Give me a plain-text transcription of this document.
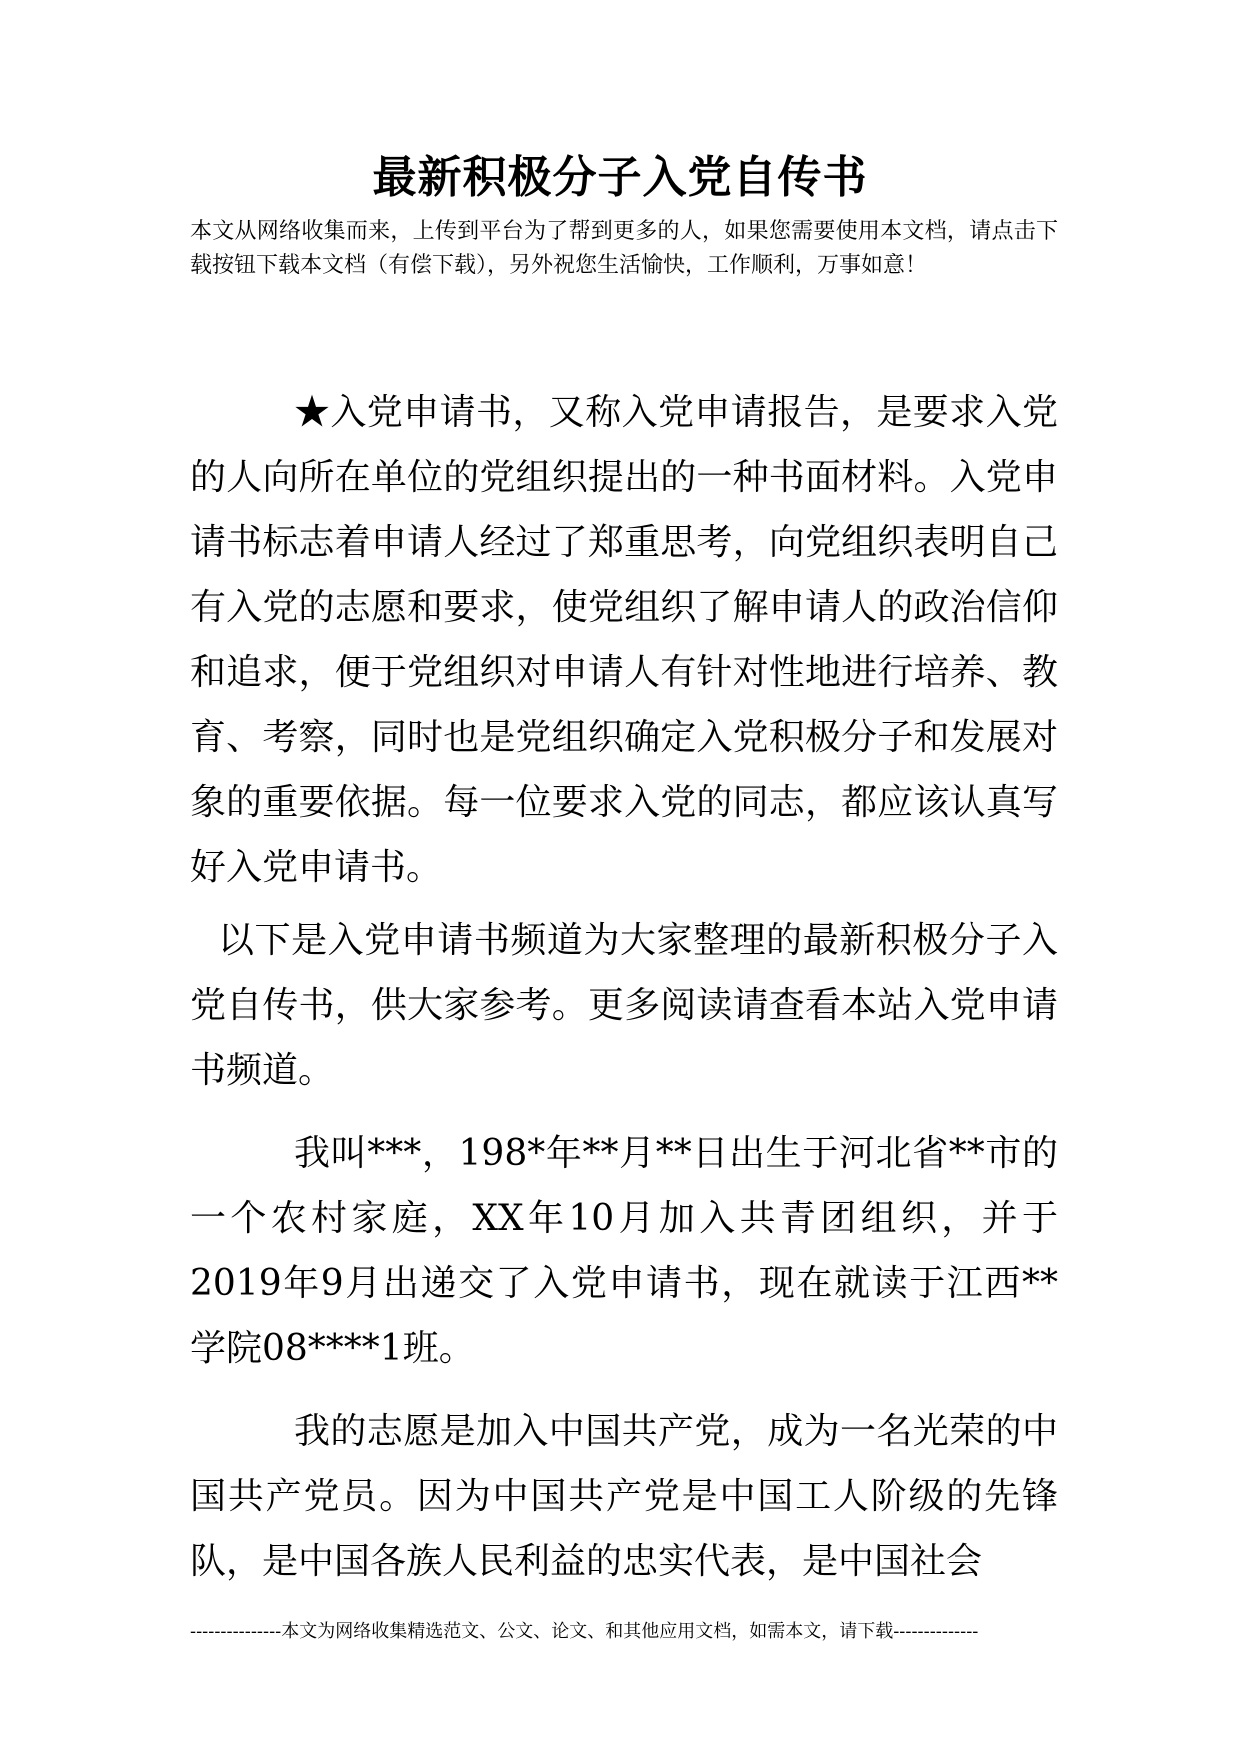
最新积极分子入党自传书
本文从网络收集而来，上传到平台为了帮到更多的人，如果您需要使用本文档，请点击下载按钮下载本文档（有偿下载），另外祝您生活愉快，工作顺利，万事如意！

★入党申请书，又称入党申请报告，是要求入党的人向所在单位的党组织提出的一种书面材料。入党申请书标志着申请人经过了郑重思考，向党组织表明自己有入党的志愿和要求，使党组织了解申请人的政治信仰和追求，便于党组织对申请人有针对性地进行培养、教育、考察，同时也是党组织确定入党积极分子和发展对象的重要依据。每一位要求入党的同志，都应该认真写好入党申请书。

以下是入党申请书频道为大家整理的最新积极分子入党自传书，供大家参考。更多阅读请查看本站入党申请书频道。

我叫***，198*年**月**日出生于河北省**市的一个农村家庭，XX年10月加入共青团组织，并于2019年9月出递交了入党申请书，现在就读于江西**学院08****1班。

我的志愿是加入中国共产党，成为一名光荣的中国共产党员。因为中国共产党是中国工人阶级的先锋队，是中国各族人民利益的忠实代表，是中国社会

---------------本文为网络收集精选范文、公文、论文、和其他应用文档，如需本文，请下载--------------
